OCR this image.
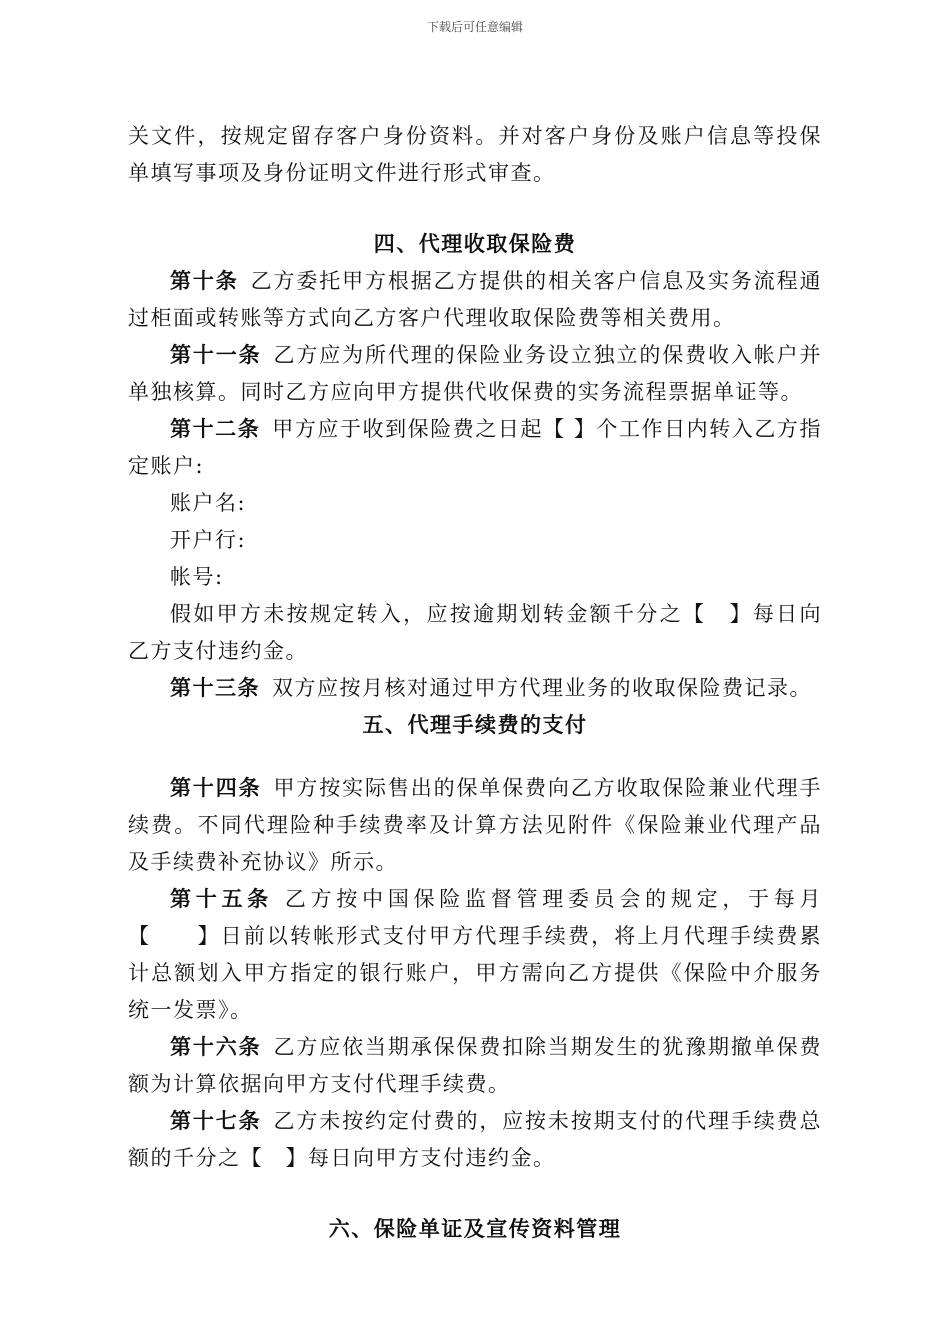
下载后可任意编辑

关文件，按规定留存客户身份资料。并对客户身份及账户信息等投保单填写事项及身份证明文件进行形式审查。

四、代理收取保险费

第十条 乙方委托甲方根据乙方提供的相关客户信息及实务流程通过柜面或转账等方式向乙方客户代理收取保险费等相关费用。

第十一条 乙方应为所代理的保险业务设立独立的保费收入帐户并单独核算。同时乙方应向甲方提供代收保费的实务流程票据单证等。

第十二条 甲方应于收到保险费之日起【 】个工作日内转入乙方指定账户:

账户名:

开户行:

帐号:

假如甲方未按规定转入，应按逾期划转金额千分之【　】每日向乙方支付违约金。

第十三条 双方应按月核对通过甲方代理业务的收取保险费记录。

五、代理手续费的支付

第十四条 甲方按实际售出的保单保费向乙方收取保险兼业代理手续费。不同代理险种手续费率及计算方法见附件《保险兼业代理产品及手续费补充协议》所示。

第十五条 乙方按中国保险监督管理委员会的规定，于每月【　　】日前以转帐形式支付甲方代理手续费，将上月代理手续费累计总额划入甲方指定的银行账户，甲方需向乙方提供《保险中介服务统一发票》。

第十六条 乙方应依当期承保保费扣除当期发生的犹豫期撤单保费额为计算依据向甲方支付代理手续费。

第十七条 乙方未按约定付费的，应按未按期支付的代理手续费总额的千分之【　】每日向甲方支付违约金。

六、保险单证及宣传资料管理
